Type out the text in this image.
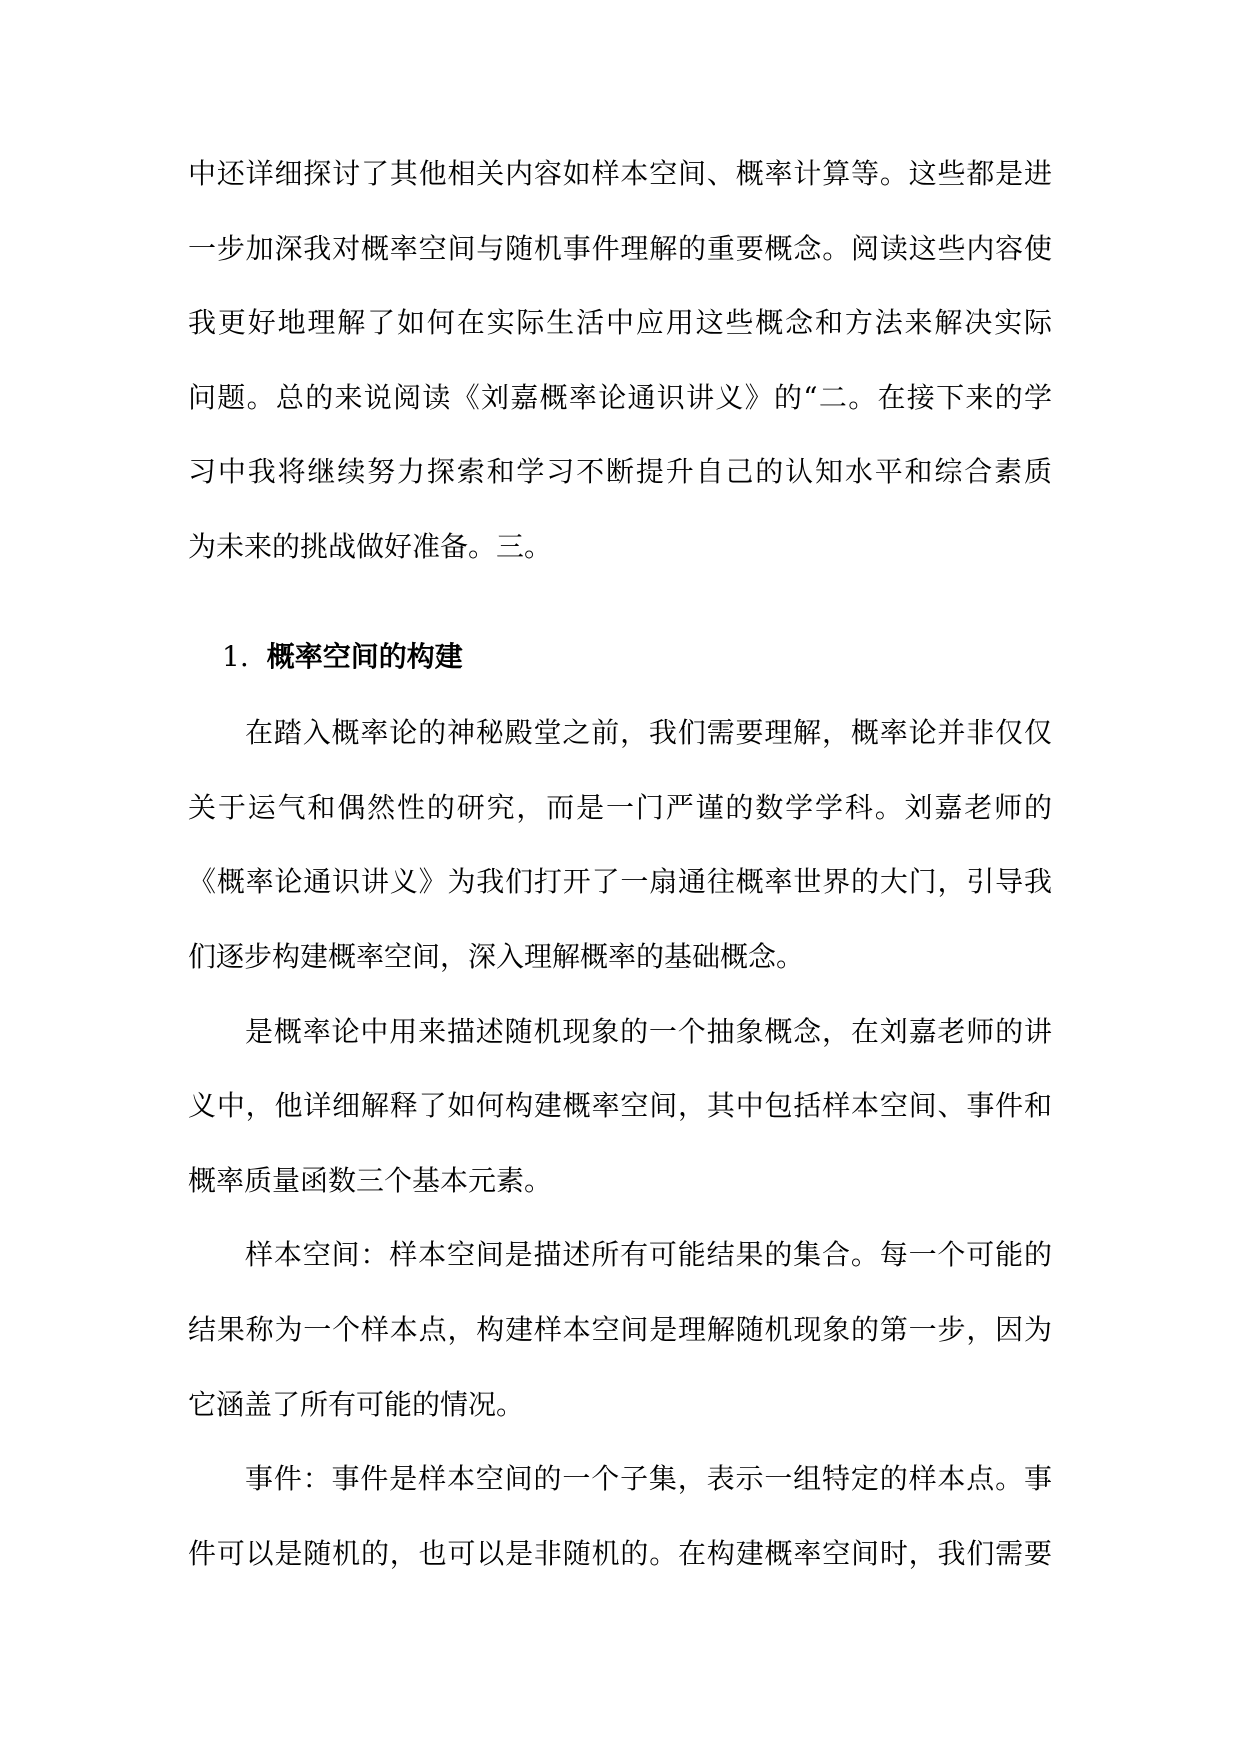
中还详细探讨了其他相关内容如样本空间、概率计算等。这些都是进
一步加深我对概率空间与随机事件理解的重要概念。阅读这些内容使
我更好地理解了如何在实际生活中应用这些概念和方法来解决实际
问题。总的来说阅读《刘嘉概率论通识讲义》的“二。在接下来的学
习中我将继续努力探索和学习不断提升自己的认知水平和综合素质
为未来的挑战做好准备。三。
1. 概率空间的构建
在踏入概率论的神秘殿堂之前，我们需要理解，概率论并非仅仅
关于运气和偶然性的研究，而是一门严谨的数学学科。刘嘉老师的
《概率论通识讲义》为我们打开了一扇通往概率世界的大门，引导我
们逐步构建概率空间，深入理解概率的基础概念。
是概率论中用来描述随机现象的一个抽象概念，在刘嘉老师的讲
义中，他详细解释了如何构建概率空间，其中包括样本空间、事件和
概率质量函数三个基本元素。
样本空间：样本空间是描述所有可能结果的集合。每一个可能的
结果称为一个样本点，构建样本空间是理解随机现象的第一步，因为
它涵盖了所有可能的情况。
事件：事件是样本空间的一个子集，表示一组特定的样本点。事
件可以是随机的，也可以是非随机的。在构建概率空间时，我们需要
